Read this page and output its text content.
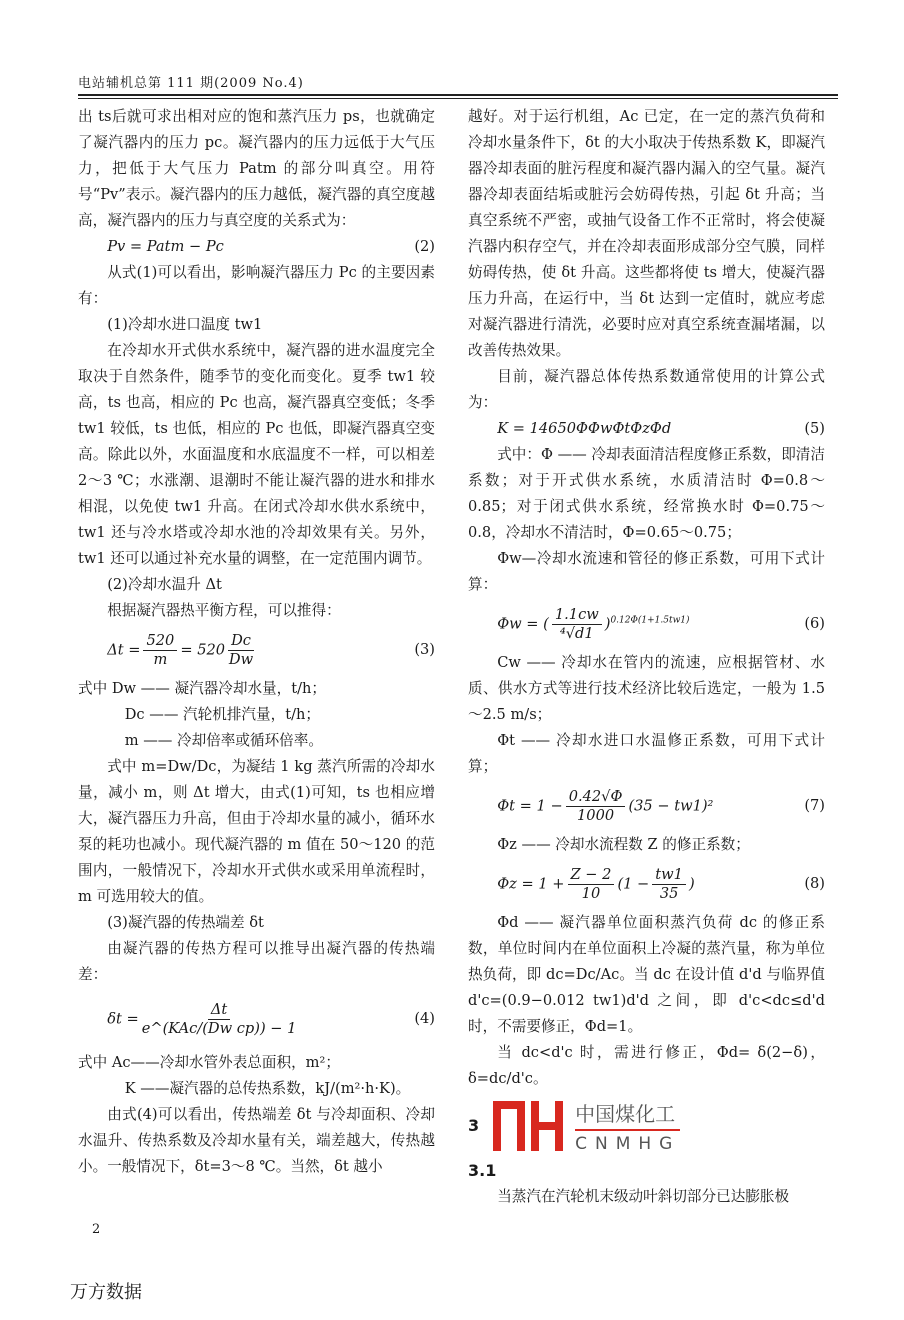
电站辅机总第 111 期(2009 No.4)

出 ts后就可求出相对应的饱和蒸汽压力 ps，也就确定了凝汽器内的压力 pc。凝汽器内的压力远低于大气压力，把低于大气压力 Patm 的部分叫真空。用符号“Pv”表示。凝汽器内的压力越低，凝汽器的真空度越高，凝汽器内的压力与真空度的关系式为：

Pv = Patm − Pc	(2)

从式(1)可以看出，影响凝汽器压力 Pc 的主要因素有：

(1)冷却水进口温度 tw1

在冷却水开式供水系统中，凝汽器的进水温度完全取决于自然条件，随季节的变化而变化。夏季 tw1 较高，ts 也高，相应的 Pc 也高，凝汽器真空变低；冬季 tw1 较低，ts 也低，相应的 Pc 也低，即凝汽器真空变高。除此以外，水面温度和水底温度不一样，可以相差 2～3 ℃；水涨潮、退潮时不能让凝汽器的进水和排水相混，以免使 tw1 升高。在闭式冷却水供水系统中，tw1 还与冷水塔或冷却水池的冷却效果有关。另外，tw1 还可以通过补充水量的调整，在一定范围内调节。

(2)冷却水温升 Δt

根据凝汽器热平衡方程，可以推得：

$\Delta t = \frac{520}{m} = 520 \frac{Dc}{Dw}$	(3)

式中 Dw —— 凝汽器冷却水量，t/h；

Dc —— 汽轮机排汽量，t/h；

m —— 冷却倍率或循环倍率。

式中 m=Dw/Dc，为凝结 1 kg 蒸汽所需的冷却水量，减小 m，则 Δt 增大，由式(1)可知，ts 也相应增大，凝汽器压力升高，但由于冷却水量的减小，循环水泵的耗功也减小。现代凝汽器的 m 值在 50～120 的范围内，一般情况下，冷却水开式供水或采用单流程时，m 可选用较大的值。

(3)凝汽器的传热端差 δt

由凝汽器的传热方程可以推导出凝汽器的传热端差：

$\delta t = \frac{\Delta t}{\text{e\textasciicircum{}(KAc/(Dw cp)) − 1}}$	(4)

式中 Ac——冷却水管外表总面积，m²；

K ——凝汽器的总传热系数，kJ/(m²·h·K)。

由式(4)可以看出，传热端差 δt 与冷却面积、冷却水温升、传热系数及冷却水量有关，端差越大，传热越小。一般情况下，δt=3～8 ℃。当然，δt 越小

越好。对于运行机组，Ac 已定，在一定的蒸汽负荷和冷却水量条件下，δt 的大小取决于传热系数 K，即凝汽器冷却表面的脏污程度和凝汽器内漏入的空气量。凝汽器冷却表面结垢或脏污会妨碍传热，引起 δt 升高；当真空系统不严密，或抽气设备工作不正常时，将会使凝汽器内积存空气，并在冷却表面形成部分空气膜，同样妨碍传热，使 δt 升高。这些都将使 ts 增大，使凝汽器压力升高，在运行中，当 δt 达到一定值时，就应考虑对凝汽器进行清洗，必要时应对真空系统查漏堵漏，以改善传热效果。

目前，凝汽器总体传热系数通常使用的计算公式为：

K = 14650ΦΦwΦtΦzΦd	(5)

式中：Φ —— 冷却表面清洁程度修正系数，即清洁系数；对于开式供水系统，水质清洁时 Φ=0.8～0.85；对于闭式供水系统，经常换水时 Φ=0.75～0.8，冷却水不清洁时，Φ=0.65～0.75；

Φw—冷却水流速和管径的修正系数，可用下式计算：

Φw = ( $\frac{1.1cw}{\text{⁴√d1}} )^{0.12\Phi(1+1.5tw1)}$	(6)

Cw —— 冷却水在管内的流速，应根据管材、水质、供水方式等进行技术经济比较后选定，一般为 1.5～2.5 m/s；

Φt —— 冷却水进口水温修正系数，可用下式计算；

$\Phi t = 1 - \frac{0.42√\Phi}{1000} (35 - tw1)^2$	(7)

Φz —— 冷却水流程数 Z 的修正系数；

$\Phi z = 1 + \frac{Z - 2}{10} (1 - \frac{tw1}{35}$ )	(8)

Φd —— 凝汽器单位面积蒸汽负荷 dc 的修正系数，单位时间内在单位面积上冷凝的蒸汽量，称为单位热负荷，即 dc=Dc/Ac。当 dc 在设计值 d'd 与临界值 d'c=(0.9−0.012 tw1)d'd 之间，即 d'c<dc≤d'd 时，不需要修正，Φd=1。

当 dc<d'c 时，需进行修正，Φd= δ(2−δ)，δ=dc/d'c。

3	中国煤化工
CNMHG

3.1

当蒸汽在汽轮机末级动叶斜切部分已达膨胀极

2
万方数据
